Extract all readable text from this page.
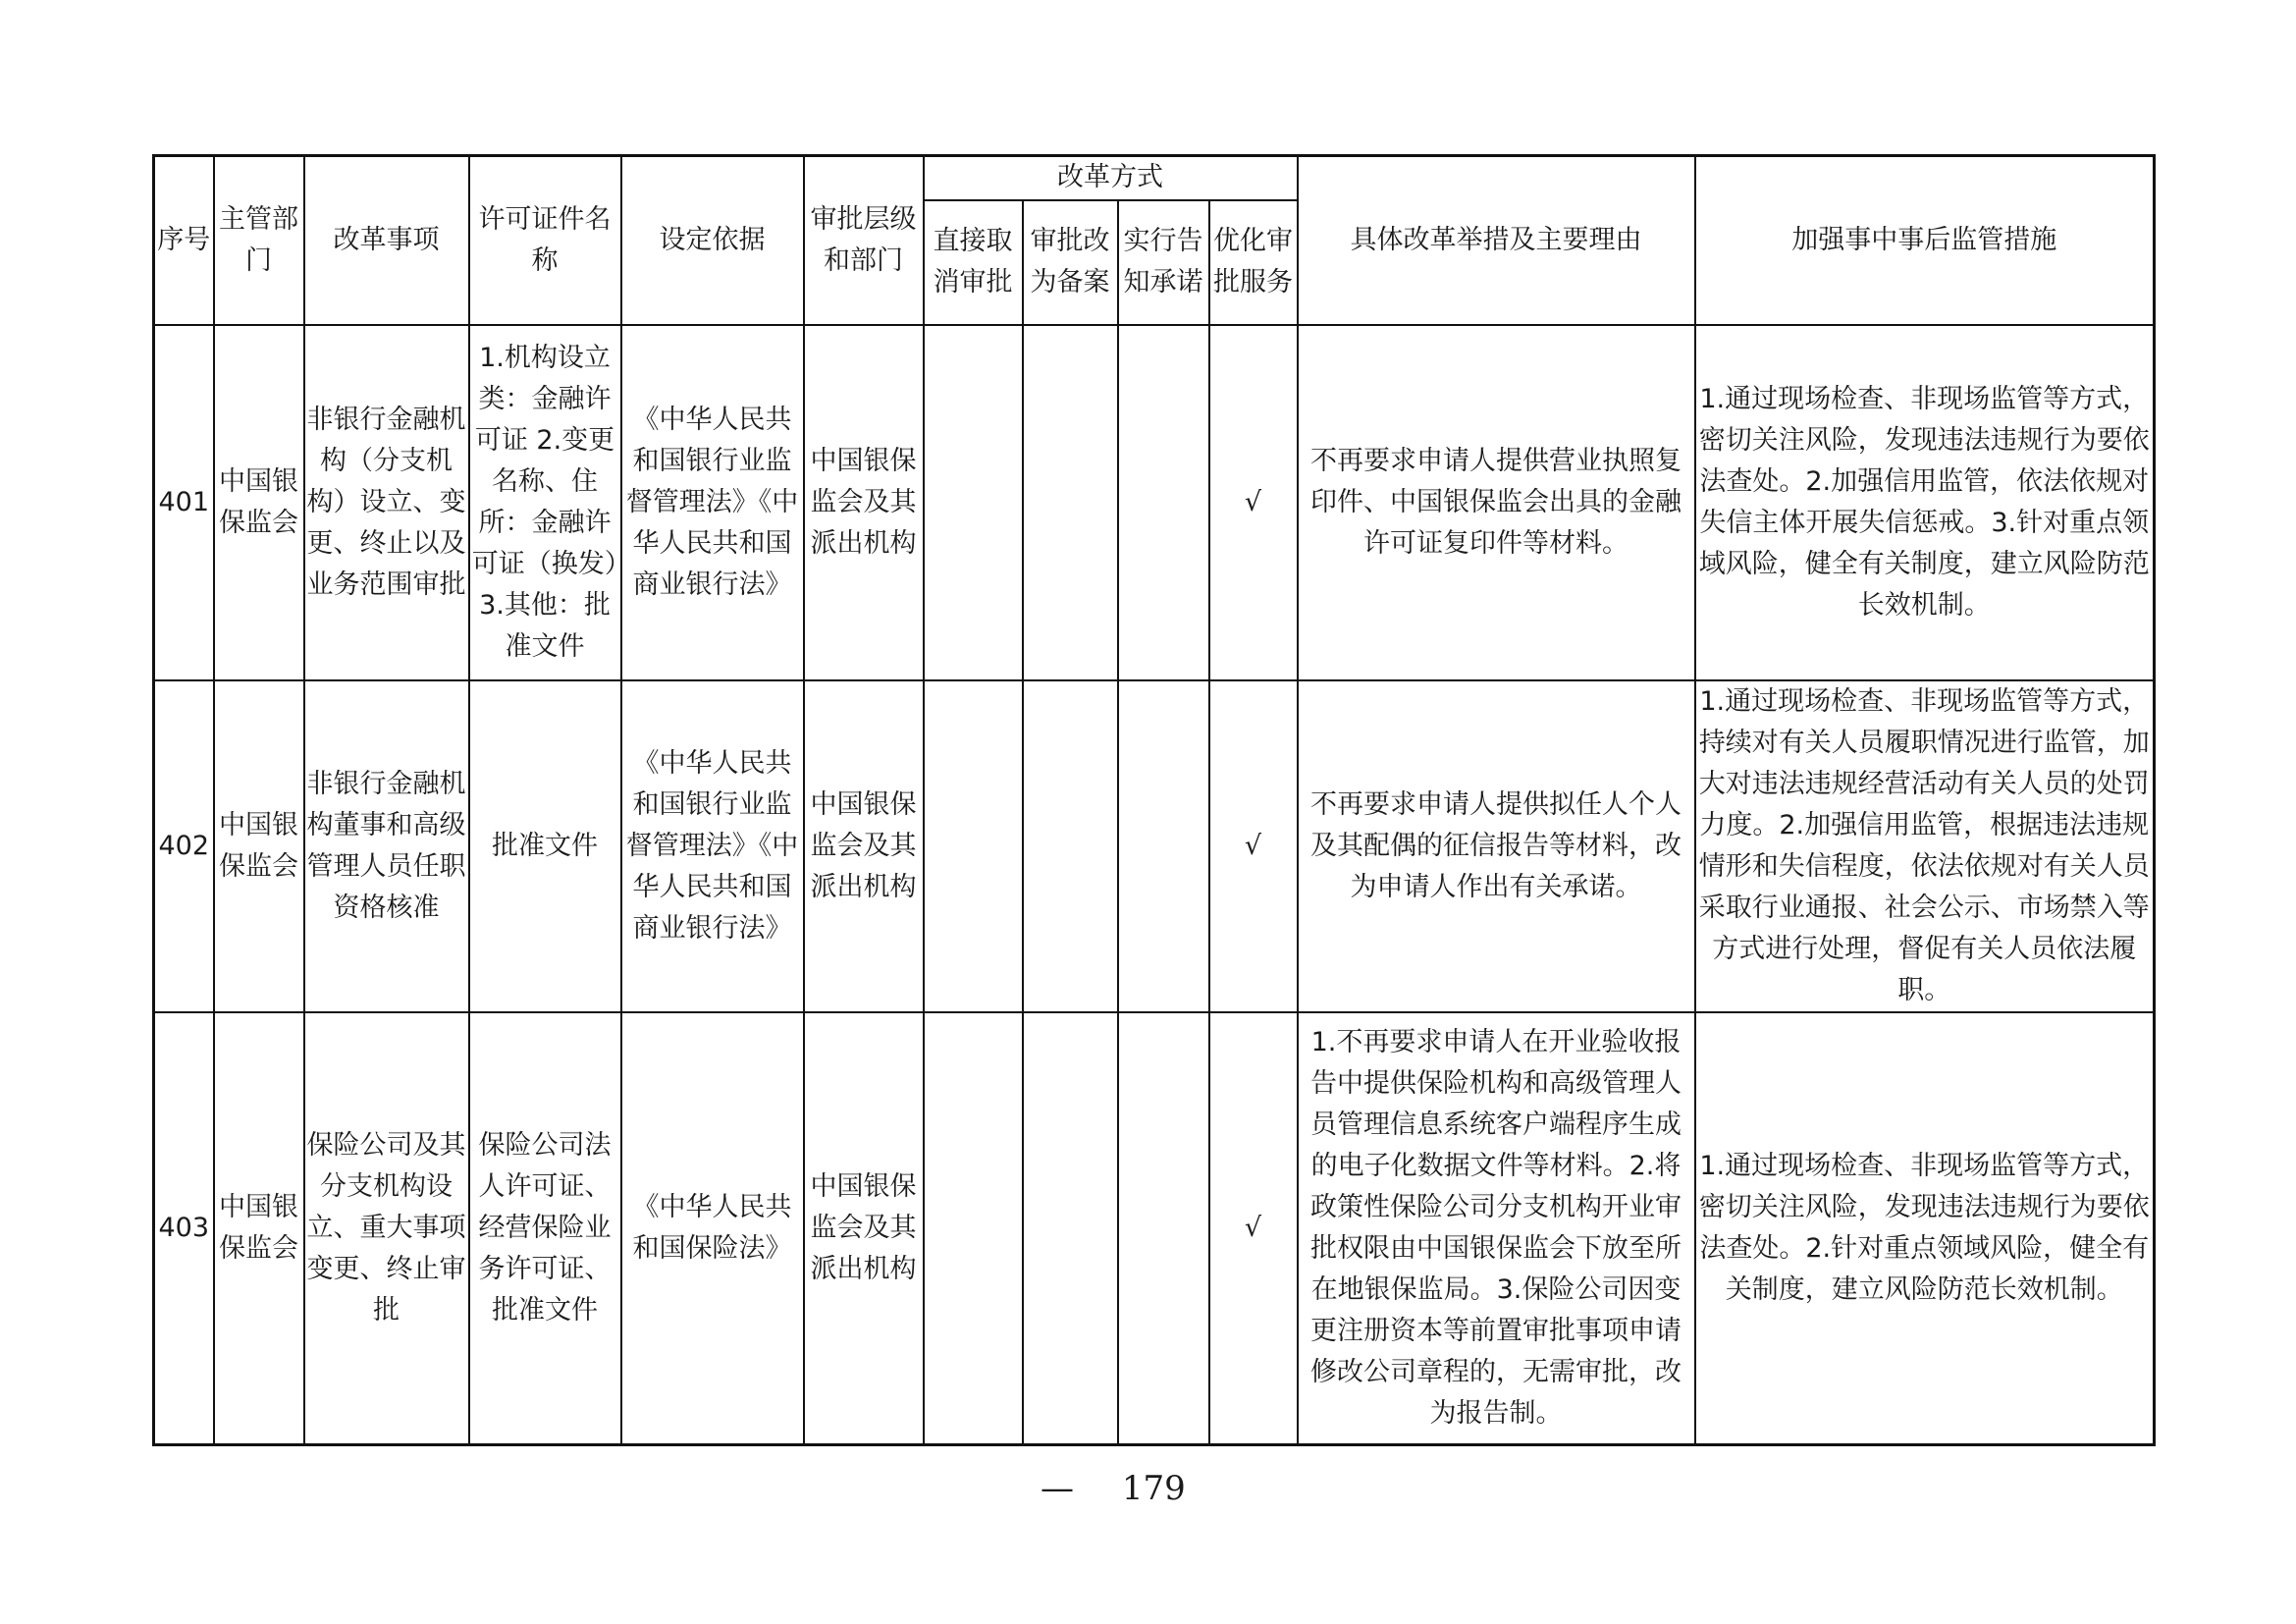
序号	主管部门	改革事项	许可证件名称	设定依据	审批层级和部门	改革方式				具体改革举措及主要理由	加强事中事后监管措施
						直接取消审批	审批改为备案	实行告知承诺	优化审批服务		
401	中国银保监会	非银行金融机构（分支机构）设立、变更、终止以及业务范围审批	1.机构设立类：金融许可证 2.变更名称、住所：金融许可证（换发）3.其他：批准文件	《中华人民共和国银行业监督管理法》《中华人民共和国商业银行法》	中国银保监会及其派出机构				√	不再要求申请人提供营业执照复印件、中国银保监会出具的金融许可证复印件等材料。	1.通过现场检查、非现场监管等方式，密切关注风险，发现违法违规行为要依法查处。2.加强信用监管，依法依规对失信主体开展失信惩戒。3.针对重点领域风险，健全有关制度，建立风险防范长效机制。
402	中国银保监会	非银行金融机构董事和高级管理人员任职资格核准	批准文件	《中华人民共和国银行业监督管理法》《中华人民共和国商业银行法》	中国银保监会及其派出机构				√	不再要求申请人提供拟任人个人及其配偶的征信报告等材料，改为申请人作出有关承诺。	1.通过现场检查、非现场监管等方式，持续对有关人员履职情况进行监管，加大对违法违规经营活动有关人员的处罚力度。2.加强信用监管，根据违法违规情形和失信程度，依法依规对有关人员采取行业通报、社会公示、市场禁入等方式进行处理，督促有关人员依法履职。
403	中国银保监会	保险公司及其分支机构设立、重大事项变更、终止审批	保险公司法人许可证、经营保险业务许可证、批准文件	《中华人民共和国保险法》	中国银保监会及其派出机构				√	1.不再要求申请人在开业验收报告中提供保险机构和高级管理人员管理信息系统客户端程序生成的电子化数据文件等材料。2.将政策性保险公司分支机构开业审批权限由中国银保监会下放至所在地银保监局。3.保险公司因变更注册资本等前置审批事项申请修改公司章程的，无需审批，改为报告制。	1.通过现场检查、非现场监管等方式，密切关注风险，发现违法违规行为要依法查处。2.针对重点领域风险，健全有关制度，建立风险防范长效机制。
— 179
